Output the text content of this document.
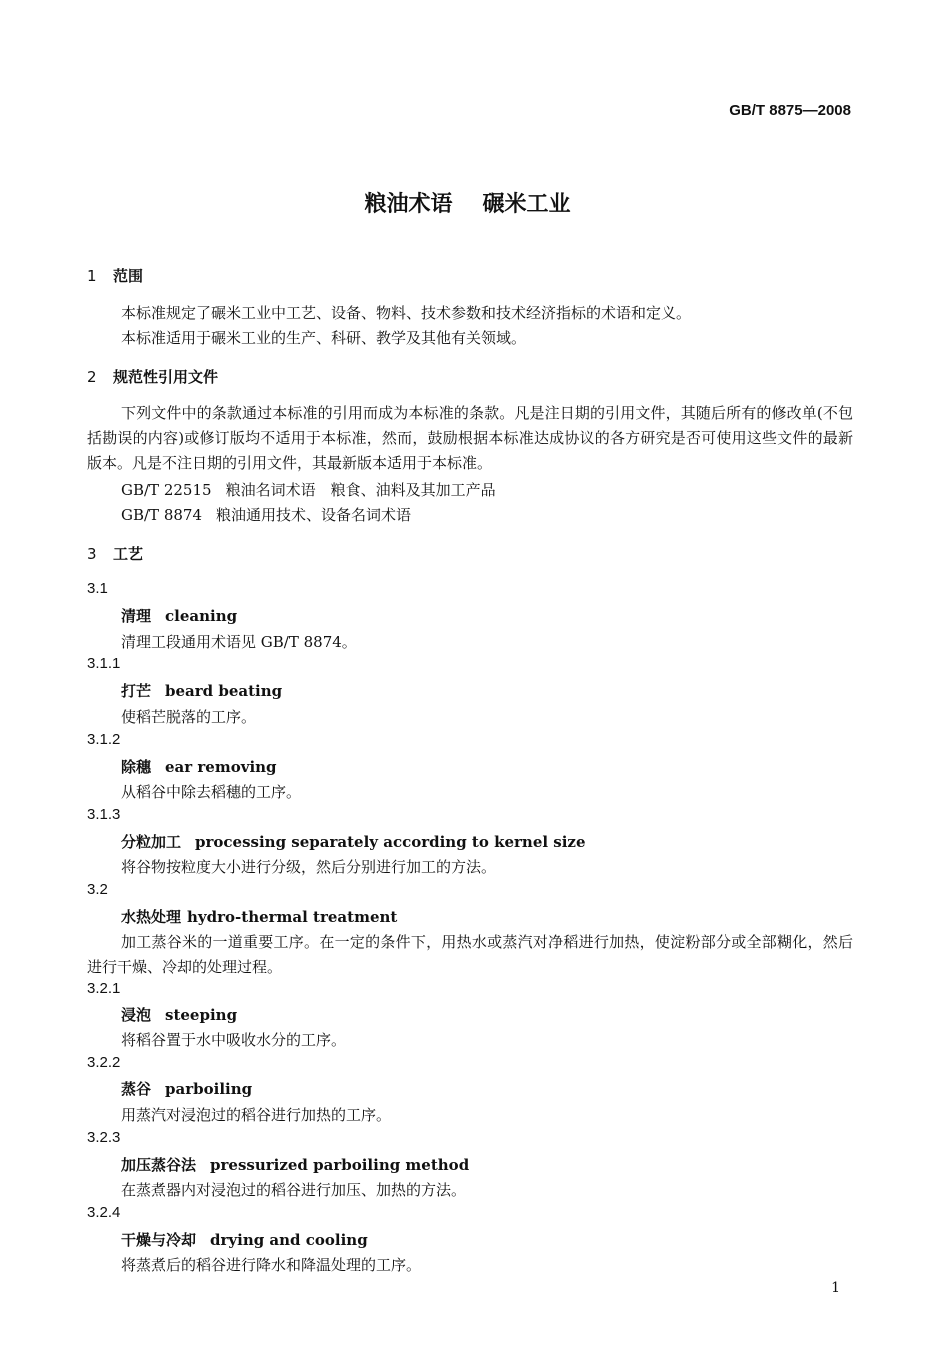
GB/T 8875—2008
粮油术语 碾米工业
1 范围
本标准规定了碾米工业中工艺、设备、物料、技术参数和技术经济指标的术语和定义。
本标准适用于碾米工业的生产、科研、教学及其他有关领域。
2 规范性引用文件
下列文件中的条款通过本标准的引用而成为本标准的条款。凡是注日期的引用文件，其随后所有的修改单(不包括勘误的内容)或修订版均不适用于本标准，然而，鼓励根据本标准达成协议的各方研究是否可使用这些文件的最新版本。凡是不注日期的引用文件，其最新版本适用于本标准。
GB/T 22515 粮油名词术语　粮食、油料及其加工产品
GB/T 8874 粮油通用技术、设备名词术语
3 工艺
3.1
清理 cleaning
清理工段通用术语见 GB/T 8874。
3.1.1
打芒 beard beating
使稻芒脱落的工序。
3.1.2
除穗 ear removing
从稻谷中除去稻穗的工序。
3.1.3
分粒加工 processing separately according to kernel size
将谷物按粒度大小进行分级，然后分别进行加工的方法。
3.2
水热处理 hydro-thermal treatment
加工蒸谷米的一道重要工序。在一定的条件下，用热水或蒸汽对净稻进行加热，使淀粉部分或全部糊化，然后进行干燥、冷却的处理过程。
3.2.1
浸泡 steeping
将稻谷置于水中吸收水分的工序。
3.2.2
蒸谷 parboiling
用蒸汽对浸泡过的稻谷进行加热的工序。
3.2.3
加压蒸谷法 pressurized parboiling method
在蒸煮器内对浸泡过的稻谷进行加压、加热的方法。
3.2.4
干燥与冷却 drying and cooling
将蒸煮后的稻谷进行降水和降温处理的工序。
1
